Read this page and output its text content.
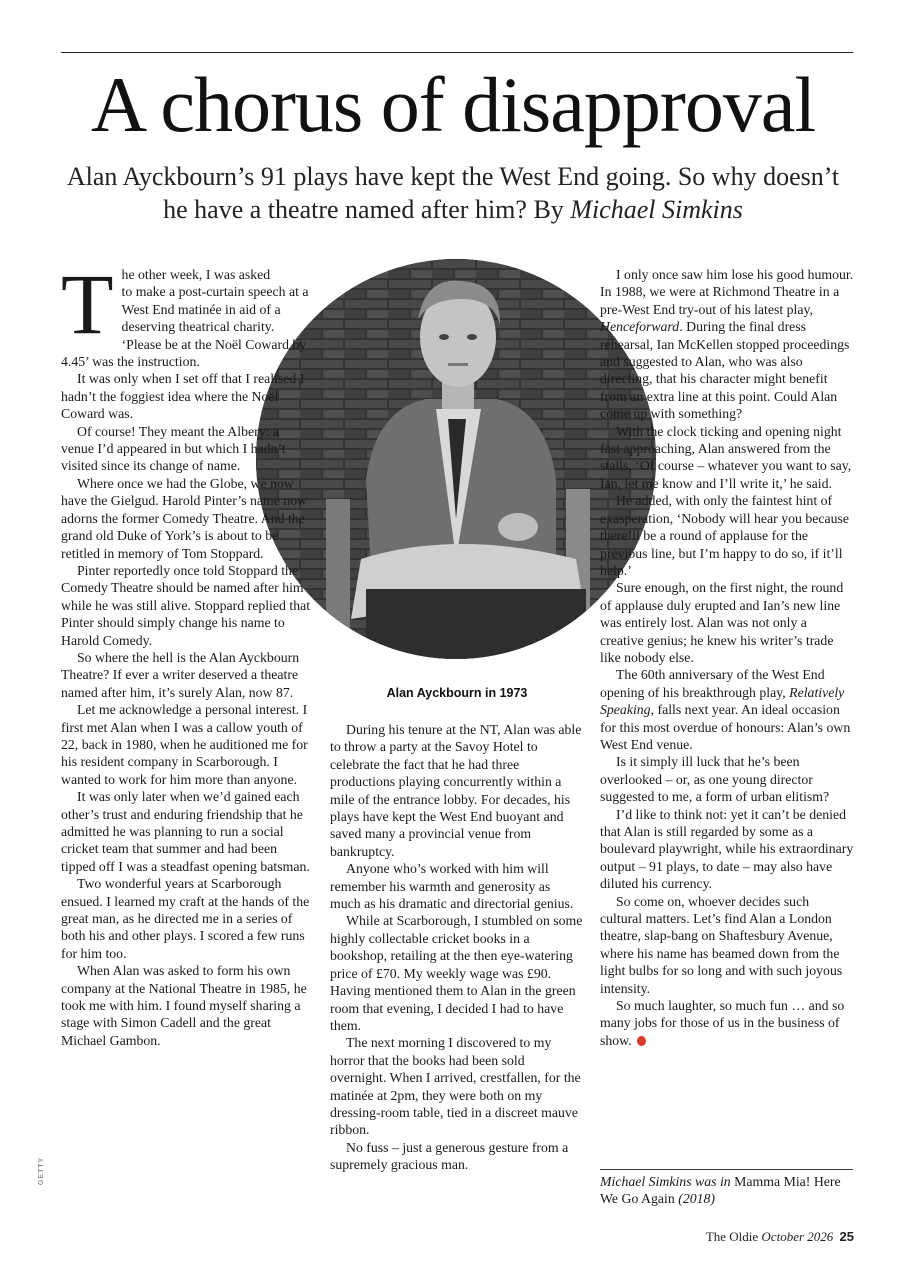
A chorus of disapproval
Alan Ayckbourn’s 91 plays have kept the West End going. So why doesn’t he have a theatre named after him? By Michael Simkins
Alan Ayckbourn in 1973
GETTY
T he other week, I was asked to make a post-curtain speech at a West End matinée in aid of a deserving theatrical charity. ‘Please be at the Noël Coward by 4.45’ was the instruction.

It was only when I set off that I realised I hadn’t the foggiest idea where the Noël Coward was.

Of course! They meant the Albery: a venue I’d appeared in but which I hadn’t visited since its change of name.

Where once we had the Globe, we now have the Gielgud. Harold Pinter’s name now adorns the former Comedy Theatre. And the grand old Duke of York’s is about to be retitled in memory of Tom Stoppard.

Pinter reportedly once told Stoppard the Comedy Theatre should be named after him while he was still alive. Stoppard replied that Pinter should simply change his name to Harold Comedy.

So where the hell is the Alan Ayckbourn Theatre? If ever a writer deserved a theatre named after him, it’s surely Alan, now 87.

Let me acknowledge a personal interest. I first met Alan when I was a callow youth of 22, back in 1980, when he auditioned me for his resident company in Scarborough. I wanted to work for him more than anyone.

It was only later when we’d gained each other’s trust and enduring friendship that he admitted he was planning to run a social cricket team that summer and had been tipped off I was a steadfast opening batsman.

Two wonderful years at Scarborough ensued. I learned my craft at the hands of the great man, as he directed me in a series of both his and other plays. I scored a few runs for him too.

When Alan was asked to form his own company at the National Theatre in 1985, he took me with him. I found myself sharing a stage with Simon Cadell and the great Michael Gambon.

During his tenure at the NT, Alan was able to throw a party at the Savoy Hotel to celebrate the fact that he had three productions playing concurrently within a mile of the entrance lobby. For decades, his plays have kept the West End buoyant and saved many a provincial venue from bankruptcy.

Anyone who’s worked with him will remember his warmth and generosity as much as his dramatic and directorial genius.

While at Scarborough, I stumbled on some highly collectable cricket books in a bookshop, retailing at the then eye-watering price of £70. My weekly wage was £90. Having mentioned them to Alan in the green room that evening, I decided I had to have them.

The next morning I discovered to my horror that the books had been sold overnight. When I arrived, crestfallen, for the matinée at 2pm, they were both on my dressing-room table, tied in a discreet mauve ribbon.

No fuss – just a generous gesture from a supremely gracious man.

I only once saw him lose his good humour. In 1988, we were at Richmond Theatre in a pre-West End try-out of his latest play, Henceforward. During the final dress rehearsal, Ian McKellen stopped proceedings and suggested to Alan, who was also directing, that his character might benefit from an extra line at this point. Could Alan come up with something?

With the clock ticking and opening night fast approaching, Alan answered from the stalls, ‘Of course – whatever you want to say, Ian, let me know and I’ll write it,’ he said.

He added, with only the faintest hint of exasperation, ‘Nobody will hear you because there’ll be a round of applause for the previous line, but I’m happy to do so, if it’ll help.’

Sure enough, on the first night, the round of applause duly erupted and Ian’s new line was entirely lost. Alan was not only a creative genius; he knew his writer’s trade like nobody else.

The 60th anniversary of the West End opening of his breakthrough play, Relatively Speaking, falls next year. An ideal occasion for this most overdue of honours: Alan’s own West End venue.

Is it simply ill luck that he’s been overlooked – or, as one young director suggested to me, a form of urban elitism?

I’d like to think not: yet it can’t be denied that Alan is still regarded by some as a boulevard playwright, while his extraordinary output – 91 plays, to date – may also have diluted his currency.

So come on, whoever decides such cultural matters. Let’s find Alan a London theatre, slap-bang on Shaftesbury Avenue, where his name has beamed down from the light bulbs for so long and with such joyous intensity.

So much laughter, so much fun … and so many jobs for those of us in the business of show.

Michael Simkins was in Mamma Mia! Here We Go Again (2018)
The Oldie October 2026 25
